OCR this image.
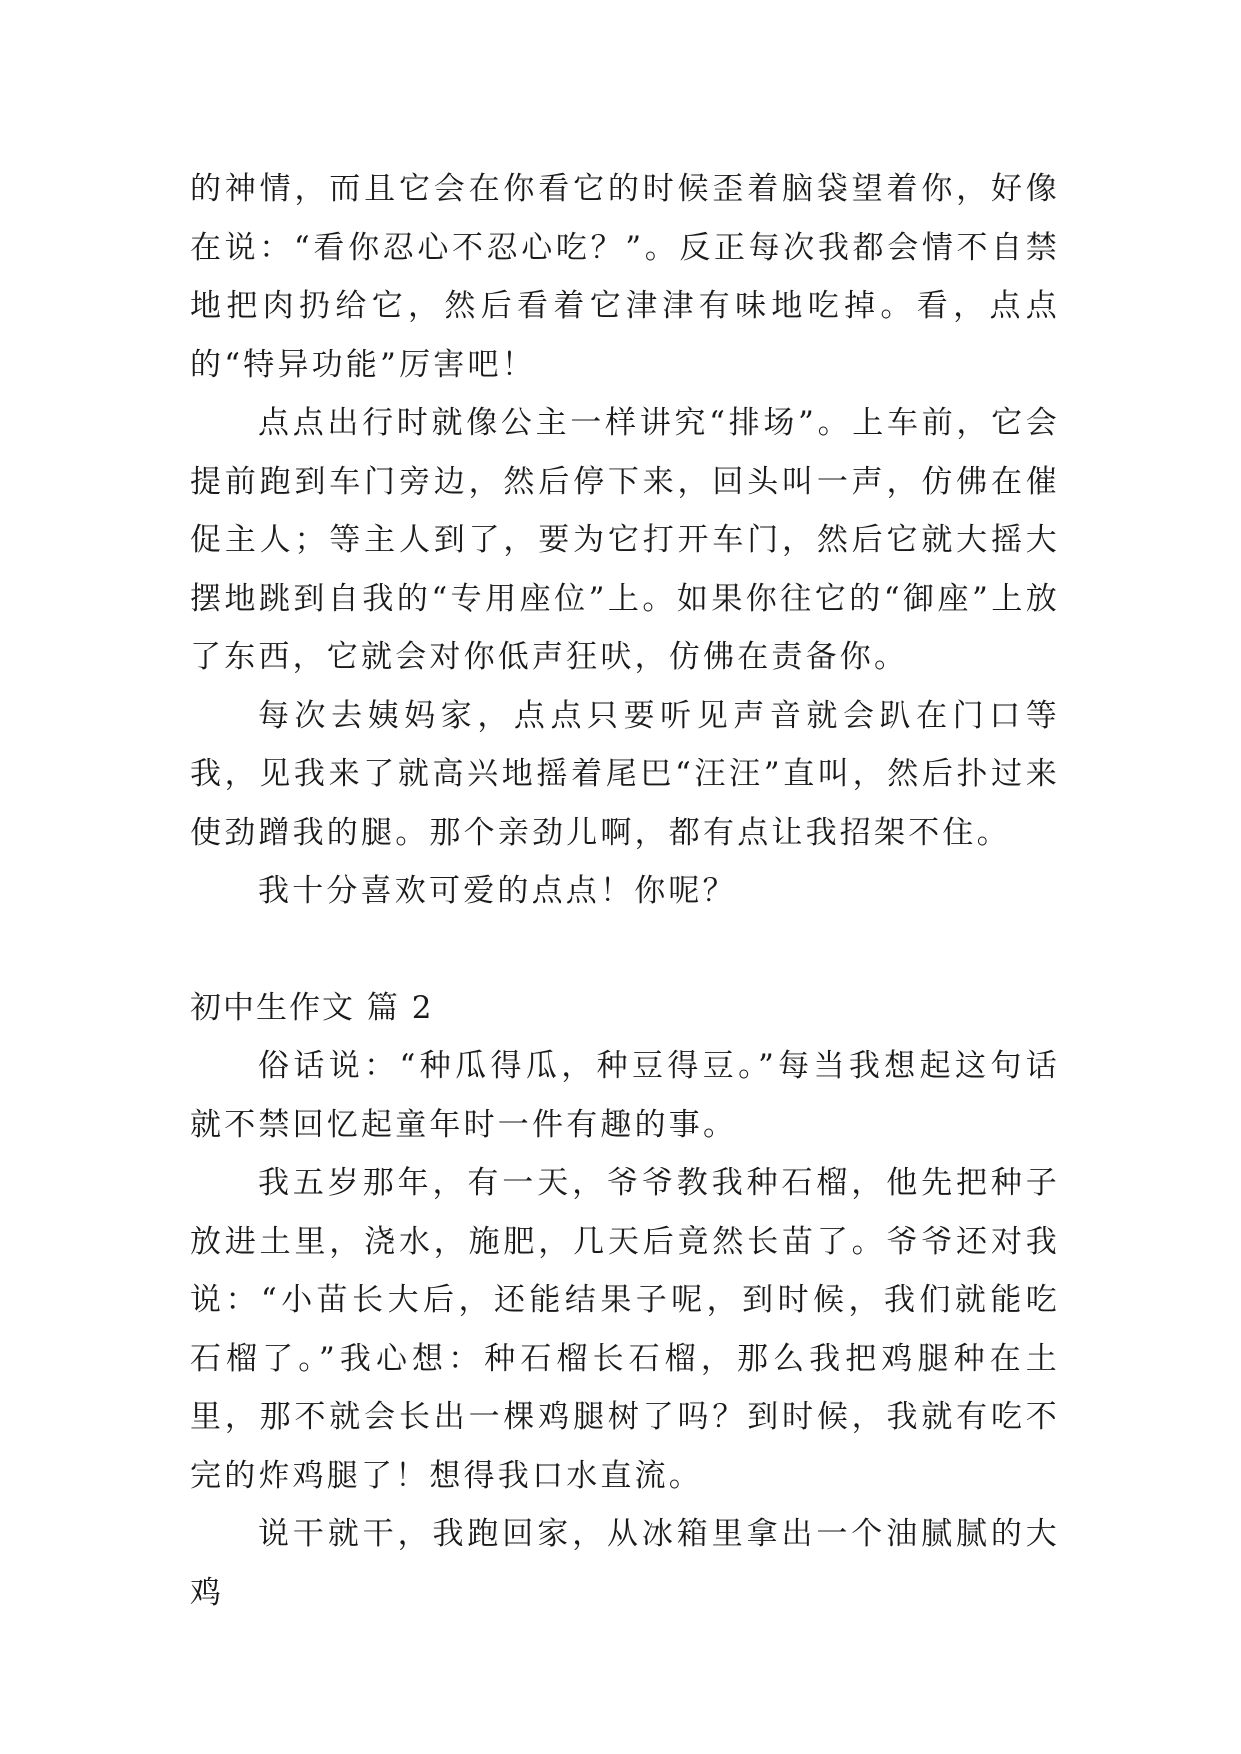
的神情，而且它会在你看它的时候歪着脑袋望着你，好像在说：“看你忍心不忍心吃？”。反正每次我都会情不自禁地把肉扔给它，然后看着它津津有味地吃掉。看，点点的“特异功能”厉害吧！

点点出行时就像公主一样讲究“排场”。上车前，它会提前跑到车门旁边，然后停下来，回头叫一声，仿佛在催促主人；等主人到了，要为它打开车门，然后它就大摇大摆地跳到自我的“专用座位”上。如果你往它的“御座”上放了东西，它就会对你低声狂吠，仿佛在责备你。

每次去姨妈家，点点只要听见声音就会趴在门口等我，见我来了就高兴地摇着尾巴“汪汪”直叫，然后扑过来使劲蹭我的腿。那个亲劲儿啊，都有点让我招架不住。

我十分喜欢可爱的点点！你呢？

初中生作文 篇 2

俗话说：“种瓜得瓜，种豆得豆。”每当我想起这句话就不禁回忆起童年时一件有趣的事。

我五岁那年，有一天，爷爷教我种石榴，他先把种子放进土里，浇水，施肥，几天后竟然长苗了。爷爷还对我说：“小苗长大后，还能结果子呢，到时候，我们就能吃石榴了。”我心想：种石榴长石榴，那么我把鸡腿种在土里，那不就会长出一棵鸡腿树了吗？到时候，我就有吃不完的炸鸡腿了！想得我口水直流。

说干就干，我跑回家，从冰箱里拿出一个油腻腻的大鸡
